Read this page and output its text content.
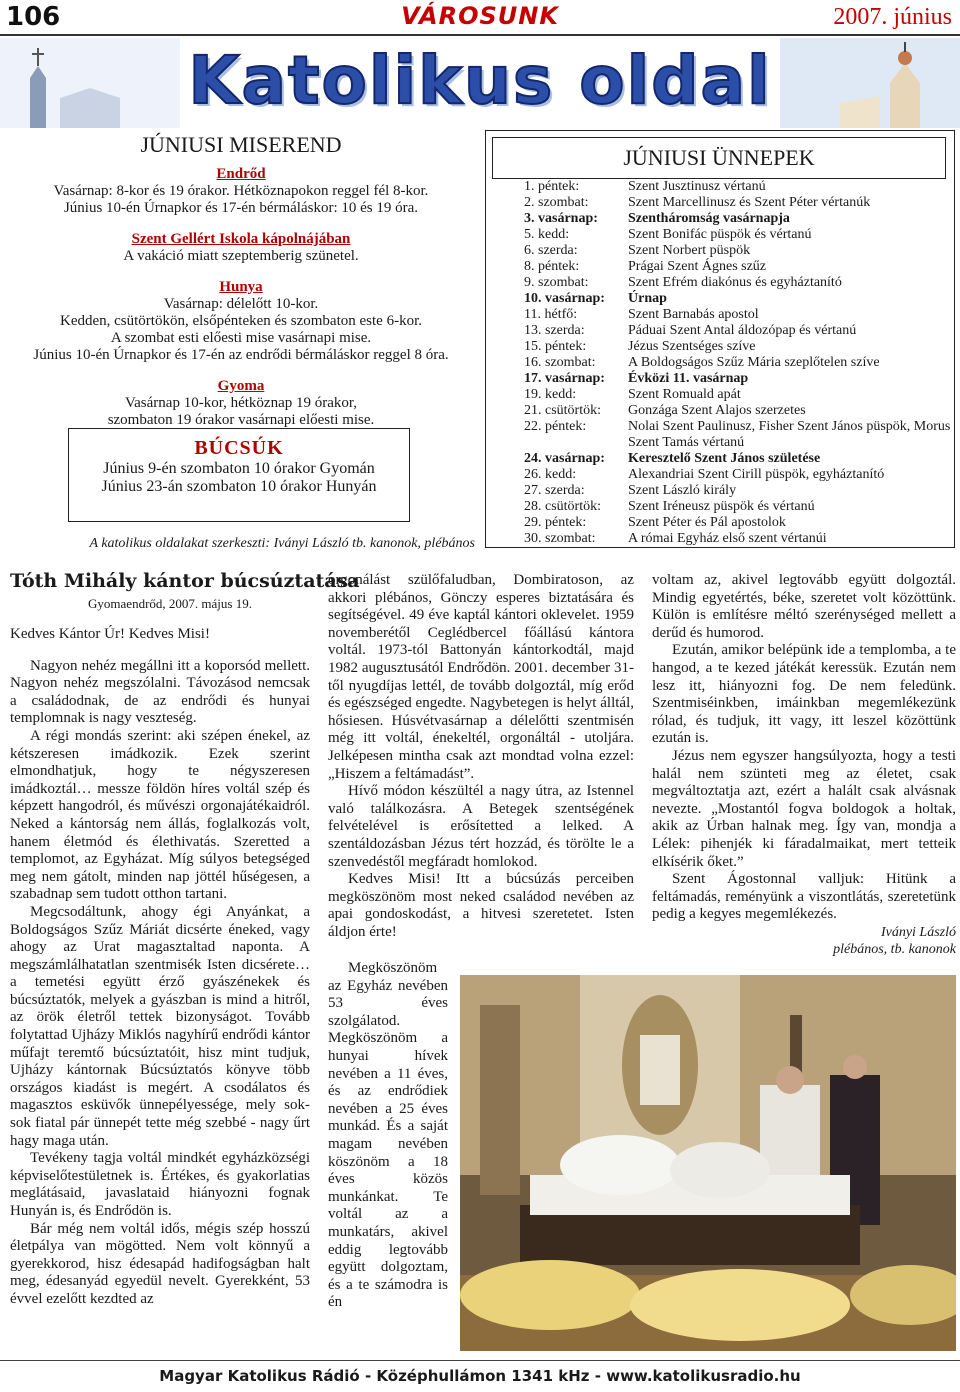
106	VÁROSUNK	2007. június
Katolikus oldal
JÚNIUSI MISEREND
Endrőd
Vasárnap: 8-kor és 19 órakor. Hétköznapokon reggel fél 8-kor.
Június 10-én Úrnapkor és 17-én bérmáláskor: 10 és 19 óra.
Szent Gellért Iskola kápolnájában
A vakáció miatt szeptemberig szünetel.
Hunya
Vasárnap: délelőtt 10-kor.
Kedden, csütörtökön, elsőpénteken és szombaton este 6-kor.
A szombat esti előesti mise vasárnapi mise.
Június 10-én Úrnapkor és 17-én az endrődi bérmáláskor reggel 8 óra.
Gyoma
Vasárnap 10-kor, hétköznap 19 órakor,
szombaton 19 órakor vasárnapi előesti mise.
BÚCSÚK
Június 9-én szombaton 10 órakor Gyomán
Június 23-án szombaton 10 órakor Hunyán
A katolikus oldalakat szerkeszti: Iványi László tb. kanonok, plébános
JÚNIUSI ÜNNEPEK
1. péntek:	Szent Jusztinusz vértanú
2. szombat:	Szent Marcellinusz és Szent Péter vértanúk
3. vasárnap:	Szentháromság vasárnapja
5. kedd:	Szent Bonifác püspök és vértanú
6. szerda:	Szent Norbert püspök
8. péntek:	Prágai Szent Ágnes szűz
9. szombat:	Szent Efrém diakónus és egyháztanító
10. vasárnap:	Úrnap
11. hétfő:	Szent Barnabás apostol
13. szerda:	Páduai Szent Antal áldozópap és vértanú
15. péntek:	Jézus Szentséges szíve
16. szombat:	A Boldogságos Szűz Mária szeplőtelen szíve
17. vasárnap:	Évközi 11. vasárnap
19. kedd:	Szent Romuald apát
21. csütörtök:	Gonzága Szent Alajos szerzetes
22. péntek:	Nolai Szent Paulinusz, Fisher Szent János püspök, Morus Szent Tamás vértanú
24. vasárnap:	Keresztelő Szent János születése
26. kedd:	Alexandriai Szent Cirill püspök, egyháztanító
27. szerda:	Szent László király
28. csütörtök:	Szent Iréneusz püspök és vértanú
29. péntek:	Szent Péter és Pál apostolok
30. szombat:	A római Egyház első szent vértanúi
Tóth Mihály kántor búcsúztatása
Gyomaendrőd, 2007. május 19.

Kedves Kántor Úr! Kedves Misi!

Nagyon nehéz megállni itt a koporsód mellett. Nagyon nehéz megszólalni. Távozásod nemcsak a családodnak, de az endrődi és hunyai templomnak is nagy veszteség.

A régi mondás szerint: aki szépen énekel, az kétszeresen imádkozik. Ezek szerint elmondhatjuk, hogy te négyszeresen imádkoztál… messze földön híres voltál szép és képzett hangodról, és művészi orgonajátékaidról. Neked a kántorság nem állás, foglalkozás volt, hanem életmód és élethivatás. Szeretted a templomot, az Egyházat. Míg súlyos betegséged meg nem gátolt, minden nap jöttél hűségesen, a szabadnap sem tudott otthon tartani.

Megcsodáltunk, ahogy égi Anyánkat, a Boldogságos Szűz Máriát dicsérte éneked, vagy ahogy az Urat magasztaltad naponta. A megszámlálhatatlan szentmisék Isten dicsérete… a temetési együtt érző gyászénekek és búcsúztatók, melyek a gyászban is mind a hitről, az örök életről tettek bizonyságot. Tovább folytattad Ujházy Miklós nagyhírű endrődi kántor műfajt teremtő búcsúztatóit, hisz mint tudjuk, Ujházy kántornak Búcsúztatós könyve több országos kiadást is megért. A csodálatos és magasztos esküvők ünnepélyessége, mely sok-sok fiatal pár ünnepét tette még szebbé - nagy űrt hagy maga után.

Tevékeny tagja voltál mindkét egyházközségi képviselőtestületnek is. Értékes, és gyakorlatias meglátásaid, javaslataid hiányozni fognak Hunyán is, és Endrődön is.

Bár még nem voltál idős, mégis szép hosszú életpálya van mögötted. Nem volt könnyű a gyerekkorod, hisz édesapád hadifogságban halt meg, édesanyád egyedül nevelt. Gyerekként, 53 évvel ezelőtt kezdted az

orgonálást szülőfaludban, Dombiratoson, az akkori plébános, Gönczy esperes biztatására és segítségével. 49 éve kaptál kántori oklevelet. 1959 novemberétől Ceglédbercel főállású kántora voltál. 1973-tól Battonyán kántorkodtál, majd 1982 augusztusától Endrődön. 2001. december 31-től nyugdíjas lettél, de tovább dolgoztál, míg erőd és egészséged engedte. Nagybetegen is helyt álltál, hősiesen. Húsvétvasárnap a délelőtti szentmisén még itt voltál, énekeltél, orgonáltál - utoljára. Jelképesen mintha csak azt mondtad volna ezzel: „Hiszem a feltámadást”.

Hívő módon készültél a nagy útra, az Istennel való találkozásra. A Betegek szentségének felvételével is erősítetted a lelked. A szentáldozásban Jézus tért hozzád, és töröltе le a szenvedéstől megfáradt homlokod.

Kedves Misi! Itt a búcsúzás perceiben megköszönöm most neked családod nevében az apai gondoskodást, a hitvesi szeretetet. Isten áldjon érte!

Megköszönöm az Egyház nevében 53 éves szolgálatod. Megköszönöm a hunyai hívek nevében a 11 éves, és az endrődiek nevében a 25 éves munkád. És a saját magam nevében köszönöm a 18 éves közös munkánkat. Te voltál az a munkatárs, akivel eddig legtovább együtt dolgoztam, és a te számodra is én

voltam az, akivel legtovább együtt dolgoztál. Mindig egyetértés, béke, szeretet volt közöttünk. Külön is említésre méltó szerénységed mellett a derűd és humorod.

Ezután, amikor belépünk ide a templomba, a te hangod, a te kezed játékát keressük. Ezután nem lesz itt, hiányozni fog. De nem feledünk. Szentmiséinkben, imáinkban megemlékezünk rólad, és tudjuk, itt vagy, itt leszel közöttünk ezután is.

Jézus nem egyszer hangsúlyozta, hogy a testi halál nem szünteti meg az életet, csak megváltoztatja azt, ezért a halált csak alvásnak nevezte. „Mostantól fogva boldogok a holtak, akik az Úrban halnak meg. Így van, mondja a Lélek: pihenjék ki fáradalmaikat, mert tetteik elkísérik őket.”

Szent Ágostonnal valljuk: Hitünk a feltámadás, reményünk a viszontlátás, szeretetünk pedig a kegyes megemlékezés.

Iványi László
plébános, tb. kanonok
Magyar Katolikus Rádió - Középhullámon 1341 kHz - www.katolikusradio.hu
